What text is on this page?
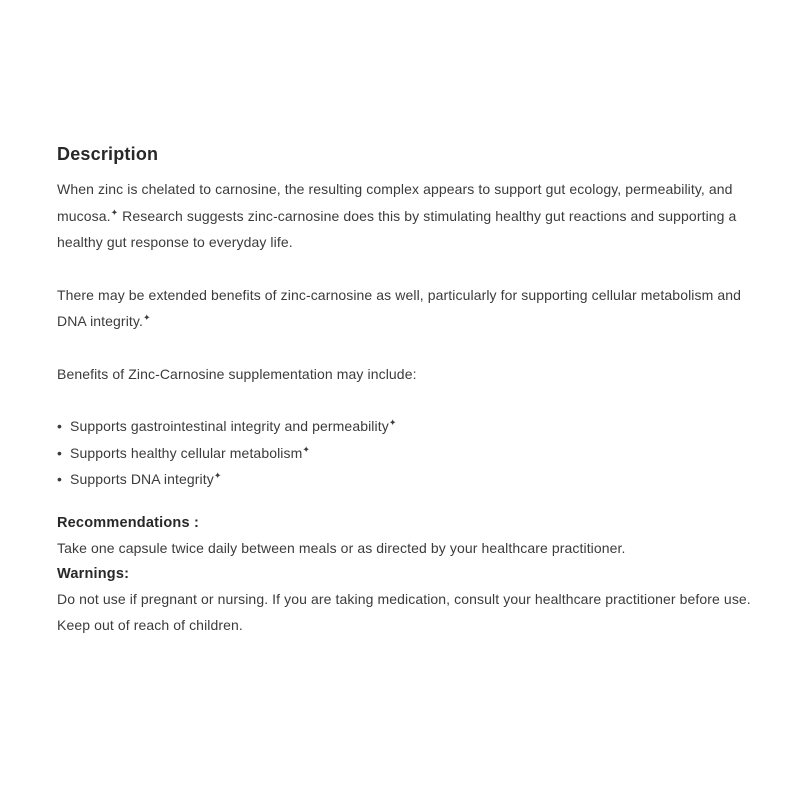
Description

When zinc is chelated to carnosine, the resulting complex appears to support gut ecology, permeability, and mucosa.✦ Research suggests zinc-carnosine does this by stimulating healthy gut reactions and supporting a healthy gut response to everyday life.

There may be extended benefits of zinc-carnosine as well, particularly for supporting cellular metabolism and DNA integrity.✦

Benefits of Zinc-Carnosine supplementation may include:

• Supports gastrointestinal integrity and permeability✦
• Supports healthy cellular metabolism✦
• Supports DNA integrity✦

Recommendations :

Take one capsule twice daily between meals or as directed by your healthcare practitioner.

Warnings:

Do not use if pregnant or nursing. If you are taking medication, consult your healthcare practitioner before use. Keep out of reach of children.
